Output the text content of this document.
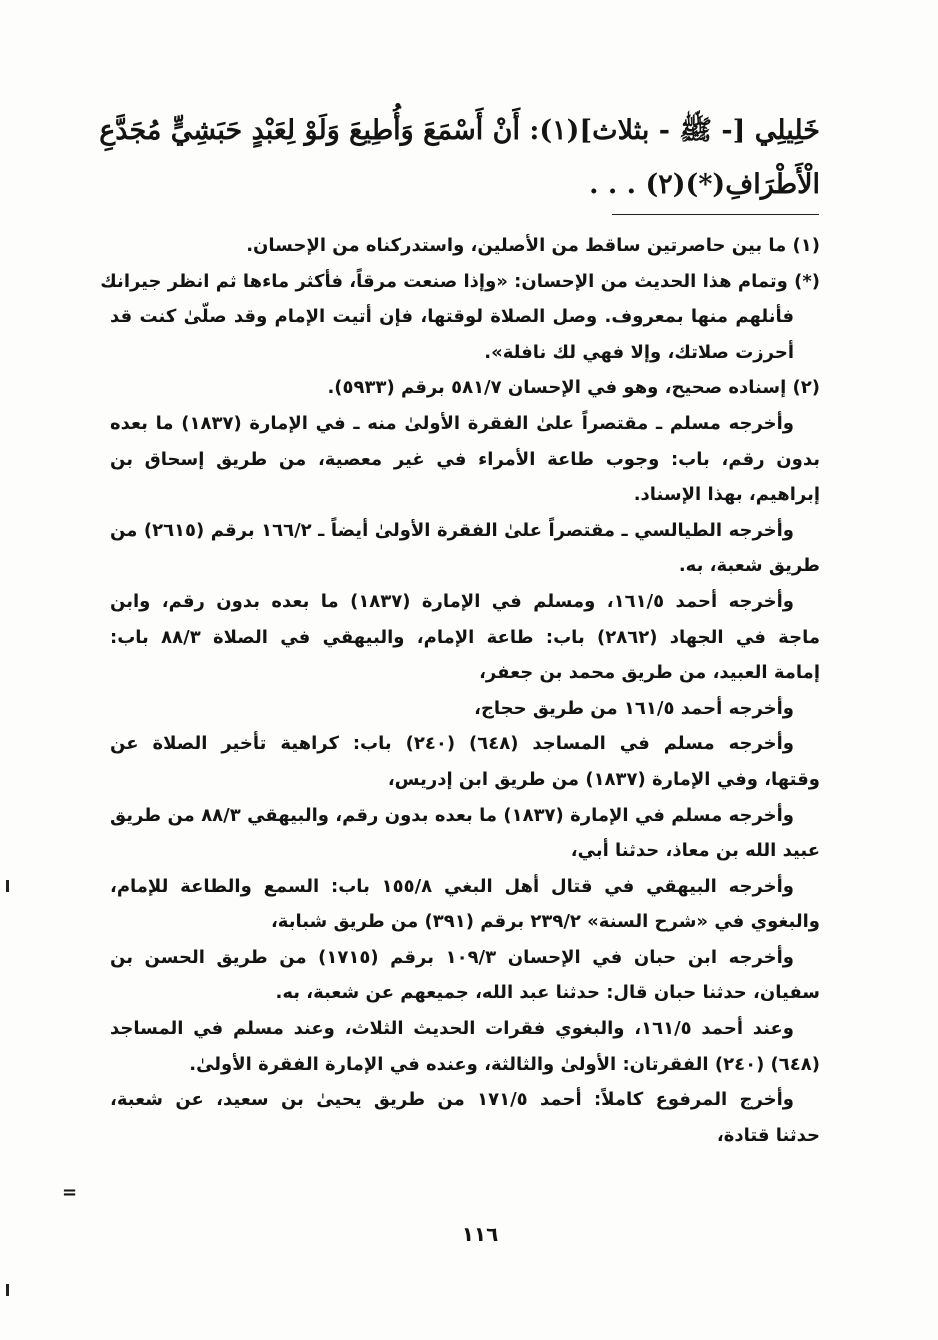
خَلِيلِي [- ﷺ - بثلاث](١): أَنْ أَسْمَعَ وَأُطِيعَ وَلَوْ لِعَبْدٍ حَبَشِيٍّ مُجَدَّعِ
الْأَطْرَافِ(*)(٢) . . .
(١) ما بين حاصرتين ساقط من الأصلين، واستدركناه من الإحسان.
(*) وتمام هذا الحديث من الإحسان: «وإذا صنعت مرقاً، فأكثر ماءها ثم انظر جيرانك
فأنلهم منها بمعروف. وصل الصلاة لوقتها، فإن أتيت الإمام وقد صلّىٰ كنت قد
أحرزت صلاتك، وإلا فهي لك نافلة».
(٢) إسناده صحيح، وهو في الإحسان ٥٨١/٧ برقم (٥٩٣٣).
وأخرجه مسلم ـ مقتصراً علىٰ الفقرة الأولىٰ منه ـ في الإمارة (١٨٣٧) ما بعده
بدون رقم، باب: وجوب طاعة الأمراء في غير معصية، من طريق إسحاق بن
إبراهيم، بهذا الإسناد.
وأخرجه الطيالسي ـ مقتصراً علىٰ الفقرة الأولىٰ أيضاً ـ ١٦٦/٢ برقم (٢٦١٥) من
طريق شعبة، به.
وأخرجه أحمد ١٦١/٥، ومسلم في الإمارة (١٨٣٧) ما بعده بدون رقم، وابن
ماجة في الجهاد (٢٨٦٢) باب: طاعة الإمام، والبيهقي في الصلاة ٨٨/٣ باب:
إمامة العبيد، من طريق محمد بن جعفر،
وأخرجه أحمد ١٦١/٥ من طريق حجاج،
وأخرجه مسلم في المساجد (٦٤٨) (٢٤٠) باب: كراهية تأخير الصلاة عن
وقتها، وفي الإمارة (١٨٣٧) من طريق ابن إدريس،
وأخرجه مسلم في الإمارة (١٨٣٧) ما بعده بدون رقم، والبيهقي ٨٨/٣ من طريق
عبيد الله بن معاذ، حدثنا أبي،
وأخرجه البيهقي في قتال أهل البغي ١٥٥/٨ باب: السمع والطاعة للإمام،
والبغوي في «شرح السنة» ٢٣٩/٢ برقم (٣٩١) من طريق شبابة،
وأخرجه ابن حبان في الإحسان ١٠٩/٣ برقم (١٧١٥) من طريق الحسن بن
سفيان، حدثنا حبان قال: حدثنا عبد الله، جميعهم عن شعبة، به.
وعند أحمد ١٦١/٥، والبغوي فقرات الحديث الثلاث، وعند مسلم في المساجد
(٦٤٨) (٢٤٠) الفقرتان: الأولىٰ والثالثة، وعنده في الإمارة الفقرة الأولىٰ.
وأخرج المرفوع كاملاً: أحمد ١٧١/٥ من طريق يحيىٰ بن سعيد، عن شعبة،
حدثنا قتادة،
=
١١٦
